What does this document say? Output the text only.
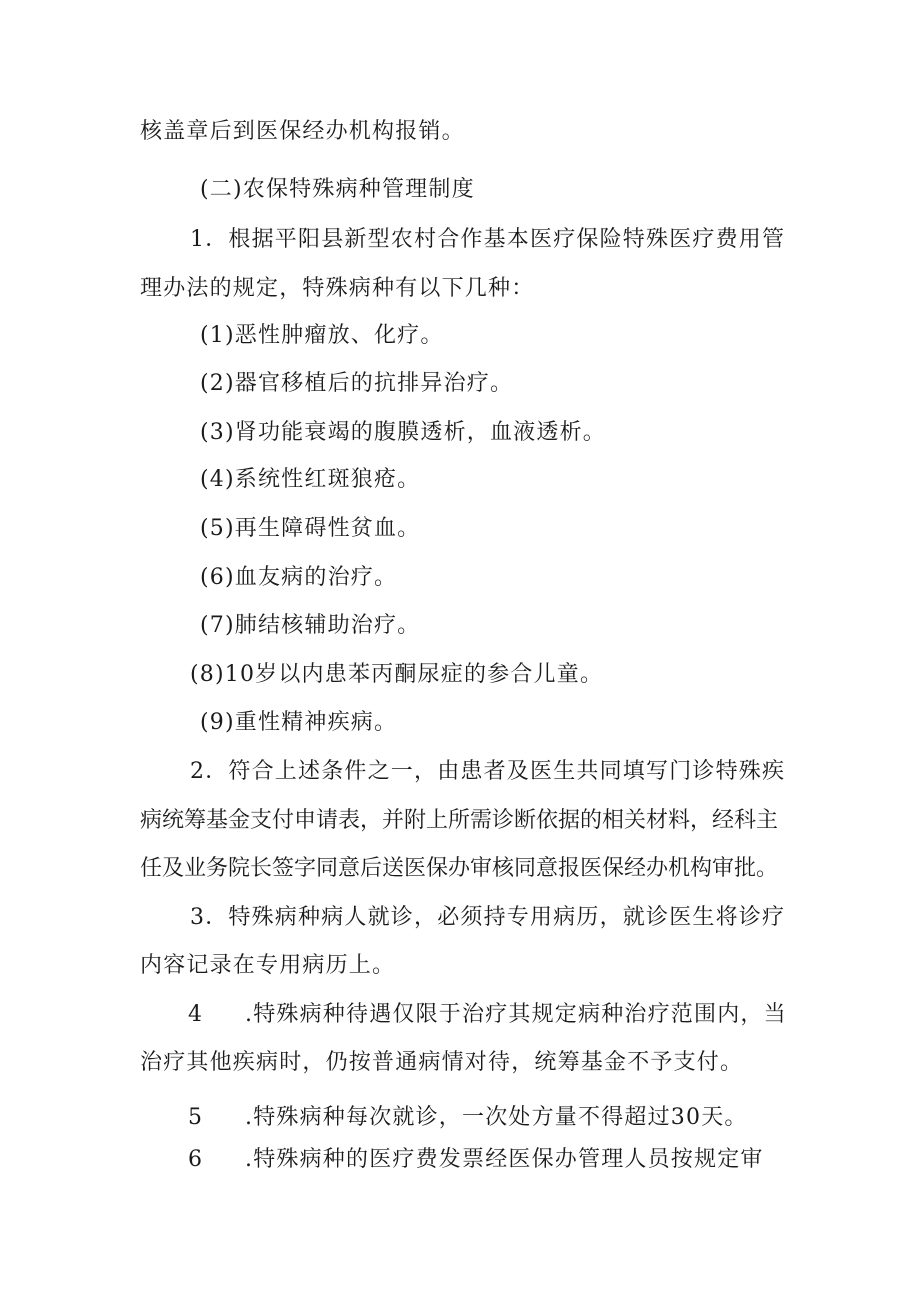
核盖章后到医保经办机构报销。
(二)农保特殊病种管理制度
1．根据平阳县新型农村合作基本医疗保险特殊医疗费用管
理办法的规定，特殊病种有以下几种：
(1)恶性肿瘤放、化疗。
(2)器官移植后的抗排异治疗。
(3)肾功能衰竭的腹膜透析，血液透析。
(4)系统性红斑狼疮。
(5)再生障碍性贫血。
(6)血友病的治疗。
(7)肺结核辅助治疗。
(8)10岁以内患苯丙酮尿症的参合儿童。
(9)重性精神疾病。
2．符合上述条件之一，由患者及医生共同填写门诊特殊疾
病统筹基金支付申请表，并附上所需诊断依据的相关材料，经科主
任及业务院长签字同意后送医保办审核同意报医保经办机构审批。
3．特殊病种病人就诊，必须持专用病历，就诊医生将诊疗
内容记录在专用病历上。
4 .特殊病种待遇仅限于治疗其规定病种治疗范围内，当
治疗其他疾病时，仍按普通病情对待，统筹基金不予支付。
5 .特殊病种每次就诊，一次处方量不得超过30天。
6 .特殊病种的医疗费发票经医保办管理人员按规定审
